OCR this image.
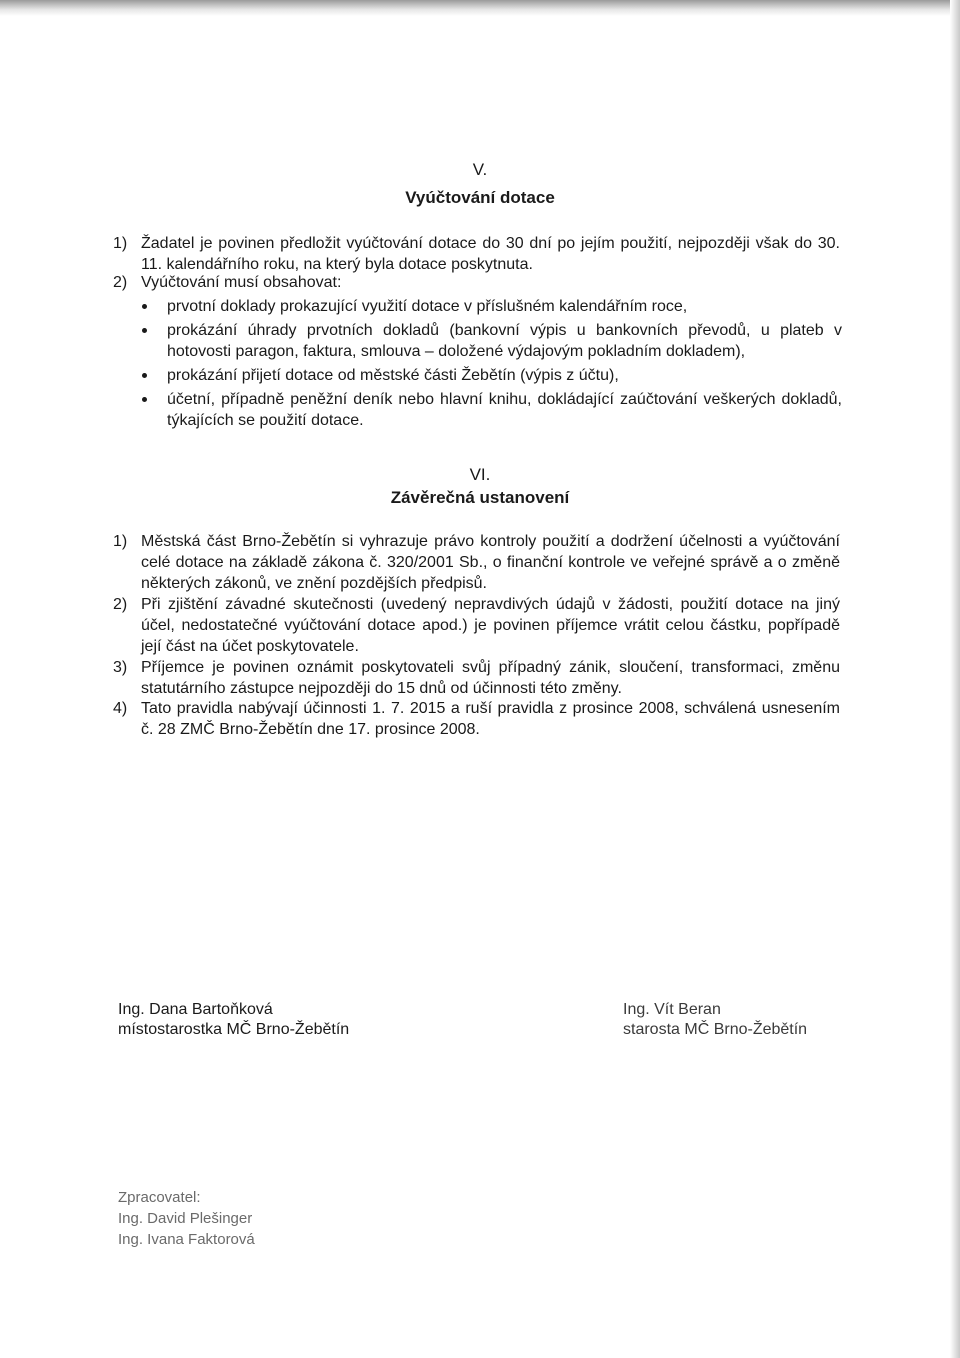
V.
Vyúčtování dotace
1) Žadatel je povinen předložit vyúčtování dotace do 30 dní po jejím použití, nejpozději však do 30. 11. kalendářního roku, na který byla dotace poskytnuta.
2) Vyúčtování musí obsahovat:
prvotní doklady prokazující využití dotace v příslušném kalendářním roce,
prokázání úhrady prvotních dokladů (bankovní výpis u bankovních převodů, u plateb v hotovosti paragon, faktura, smlouva – doložené výdajovým pokladním dokladem),
prokázání přijetí dotace od městské části Žebětín (výpis z účtu),
účetní, případně peněžní deník nebo hlavní knihu, dokládající zaúčtování veškerých dokladů, týkajících se použití dotace.
VI.
Závěrečná ustanovení
1) Městská část Brno-Žebětín si vyhrazuje právo kontroly použití a dodržení účelnosti a vyúčtování celé dotace na základě zákona č. 320/2001 Sb., o finanční kontrole ve veřejné správě a o změně některých zákonů, ve znění pozdějších předpisů.
2) Při zjištění závadné skutečnosti (uvedený nepravdivých údajů v žádosti, použití dotace na jiný účel, nedostatečné vyúčtování dotace apod.) je povinen příjemce vrátit celou částku, popřípadě její část na účet poskytovatele.
3) Příjemce je povinen oznámit poskytovateli svůj případný zánik, sloučení, transformaci, změnu statutárního zástupce nejpozději do 15 dnů od účinnosti této změny.
4) Tato pravidla nabývají účinnosti 1. 7. 2015 a ruší pravidla z prosince 2008, schválená usnesením č. 28 ZMČ Brno-Žebětín dne 17. prosince 2008.
Ing. Dana Bartoňková
místostarostka MČ Brno-Žebětín
Ing. Vít Beran
starosta MČ Brno-Žebětín
Zpracovatel:
Ing. David Plešinger
Ing. Ivana Faktorová
